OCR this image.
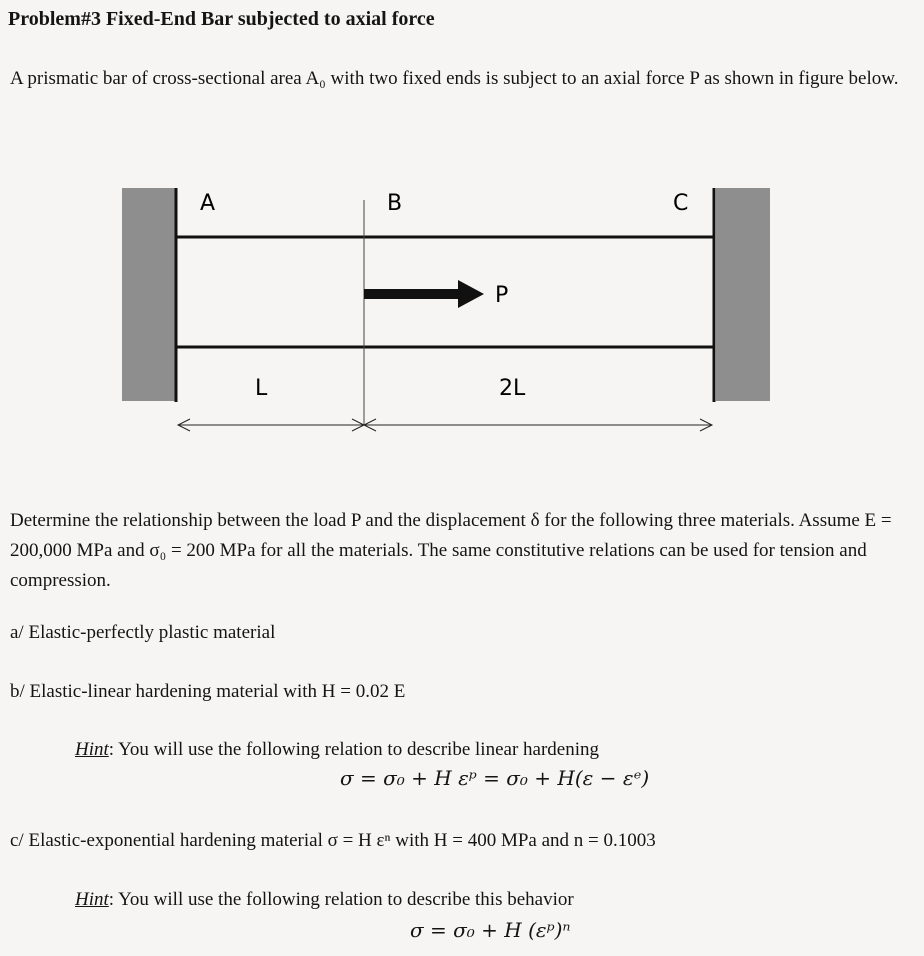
Problem#3 Fixed-End Bar subjected to axial force
A prismatic bar of cross-sectional area A₀ with two fixed ends is subject to an axial force P as shown in figure below.
A	B	C
P
L	2L
Determine the relationship between the load P and the displacement δ for the following three materials. Assume E = 200,000 MPa and σ₀ = 200 MPa for all the materials. The same constitutive relations can be used for tension and compression.
a/ Elastic-perfectly plastic material
b/ Elastic-linear hardening material with H = 0.02 E
Hint: You will use the following relation to describe linear hardening
σ = σ₀ + H εᵖ = σ₀ + H(ε − εᵉ)
c/ Elastic-exponential hardening material σ = H εⁿ with H = 400 MPa and n = 0.1003
Hint: You will use the following relation to describe this behavior
σ = σ₀ + H (εᵖ)ⁿ
